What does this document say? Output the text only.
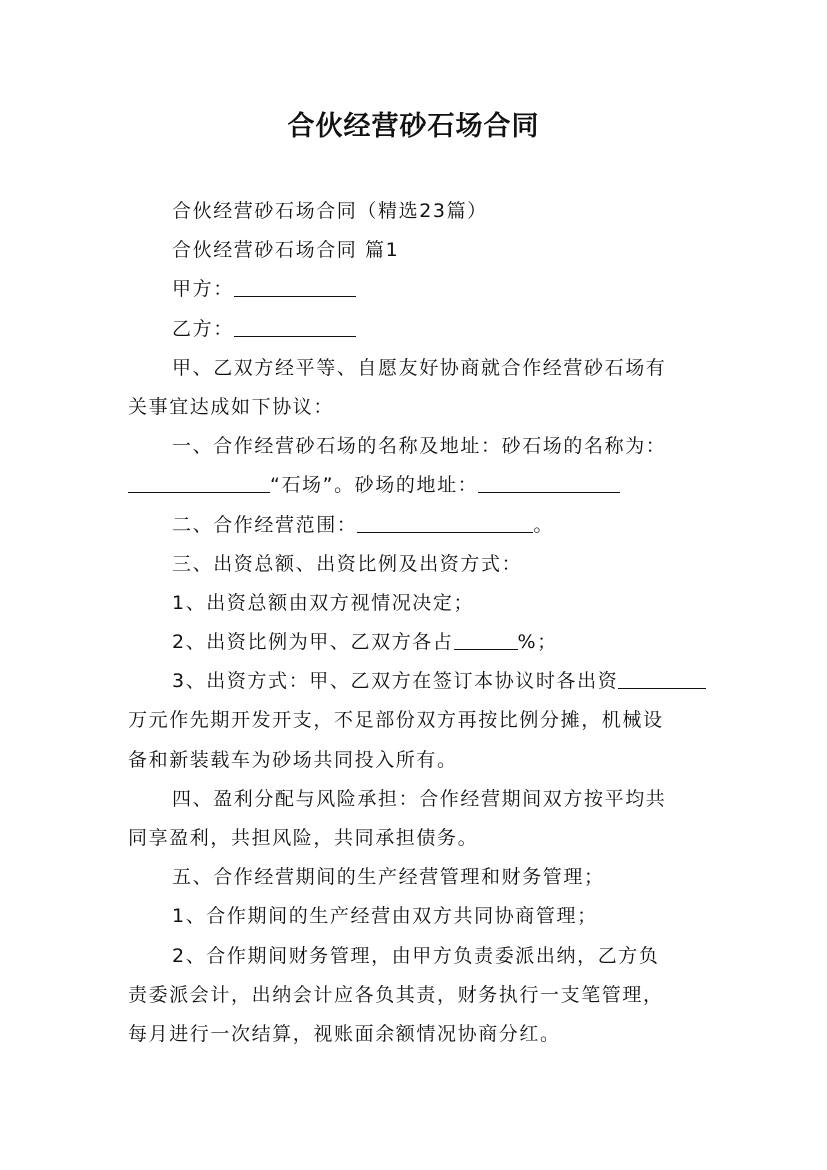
合伙经营砂石场合同
合伙经营砂石场合同（精选23篇）
合伙经营砂石场合同 篇1
甲方：
乙方：
甲、乙双方经平等、自愿友好协商就合作经营砂石场有
关事宜达成如下协议：
一、合作经营砂石场的名称及地址：砂石场的名称为：
“石场”。砂场的地址：
二、合作经营范围：	。
三、出资总额、出资比例及出资方式：
1、出资总额由双方视情况决定；
2、出资比例为甲、乙双方各占	%；
3、出资方式：甲、乙双方在签订本协议时各出资
万元作先期开发开支，不足部份双方再按比例分摊，机械设
备和新装载车为砂场共同投入所有。
四、盈利分配与风险承担：合作经营期间双方按平均共
同享盈利，共担风险，共同承担债务。
五、合作经营期间的生产经营管理和财务管理；
1、合作期间的生产经营由双方共同协商管理；
2、合作期间财务管理，由甲方负责委派出纳，乙方负
责委派会计，出纳会计应各负其责，财务执行一支笔管理，
每月进行一次结算，视账面余额情况协商分红。
